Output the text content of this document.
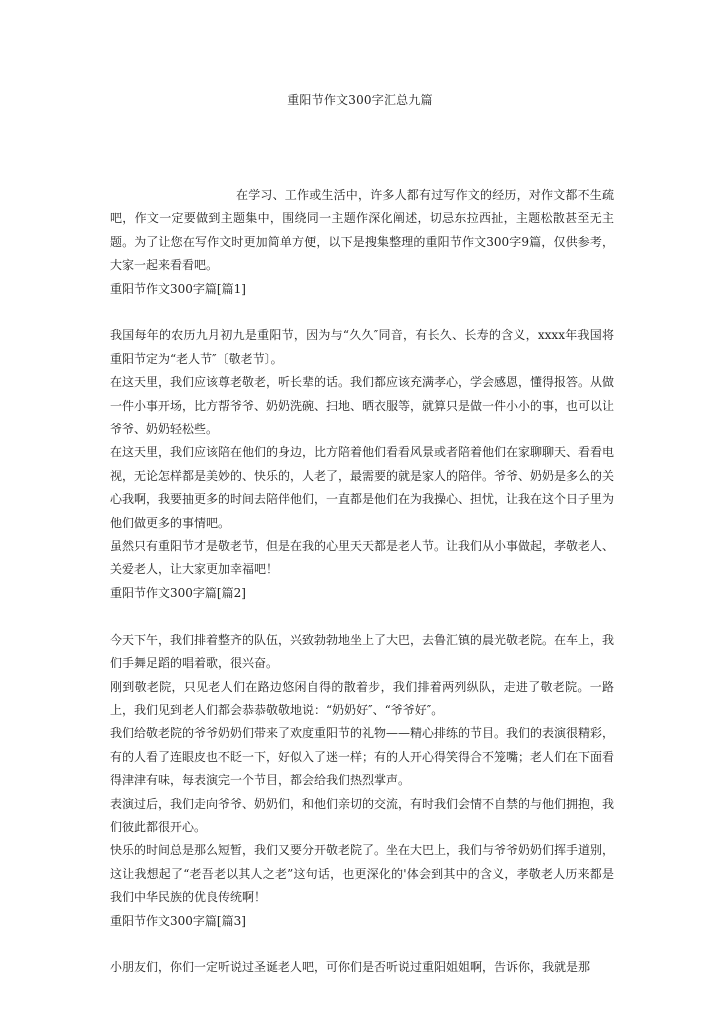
重阳节作文300字汇总九篇

在学习、工作或生活中，许多人都有过写作文的经历，对作文都不生疏吧，作文一定要做到主题集中，围绕同一主题作深化阐述，切忌东拉西扯，主题松散甚至无主题。为了让您在写作文时更加简单方便，以下是搜集整理的重阳节作文300字9篇，仅供参考，大家一起来看看吧。

重阳节作文300字篇[篇1]

我国每年的农历九月初九是重阳节，因为与“久久″同音，有长久、长寿的含义，xxxx年我国将重阳节定为“老人节″〔敬老节〕。

在这天里，我们应该尊老敬老，听长辈的话。我们都应该充满孝心，学会感恩，懂得报答。从做一件小事开场，比方帮爷爷、奶奶洗碗、扫地、晒衣服等，就算只是做一件小小的事，也可以让爷爷、奶奶轻松些。

在这天里，我们应该陪在他们的身边，比方陪着他们看看风景或者陪着他们在家聊聊天、看看电视，无论怎样都是美妙的、快乐的，人老了，最需要的就是家人的陪伴。爷爷、奶奶是多么的关心我啊，我要抽更多的时间去陪伴他们，一直都是他们在为我操心、担忧，让我在这个日子里为他们做更多的事情吧。

虽然只有重阳节才是敬老节，但是在我的心里天天都是老人节。让我们从小事做起，孝敬老人、关爱老人，让大家更加幸福吧！

重阳节作文300字篇[篇2]

今天下午，我们排着整齐的队伍，兴致勃勃地坐上了大巴，去鲁汇镇的晨光敬老院。在车上，我们手舞足蹈的唱着歌，很兴奋。

刚到敬老院，只见老人们在路边悠闲自得的散着步，我们排着两列纵队，走进了敬老院。一路上，我们见到老人们都会恭恭敬敬地说：“奶奶好″、“爷爷好″。

我们给敬老院的爷爷奶奶们带来了欢度重阳节的礼物——精心排练的节目。我们的表演很精彩，有的人看了连眼皮也不眨一下，好似入了迷一样；有的人开心得笑得合不笼嘴；老人们在下面看得津津有味，每表演完一个节目，都会给我们热烈掌声。

表演过后，我们走向爷爷、奶奶们，和他们亲切的交流，有时我们会情不自禁的与他们拥抱，我们彼此都很开心。

快乐的时间总是那么短暂，我们又要分开敬老院了。坐在大巴上，我们与爷爷奶奶们挥手道别，这让我想起了“老吾老以其人之老”这句话，也更深化的'体会到其中的含义，孝敬老人历来都是我们中华民族的优良传统啊！

重阳节作文300字篇[篇3]

小朋友们，你们一定听说过圣诞老人吧，可你们是否听说过重阳姐姐啊，告诉你，我就是那
